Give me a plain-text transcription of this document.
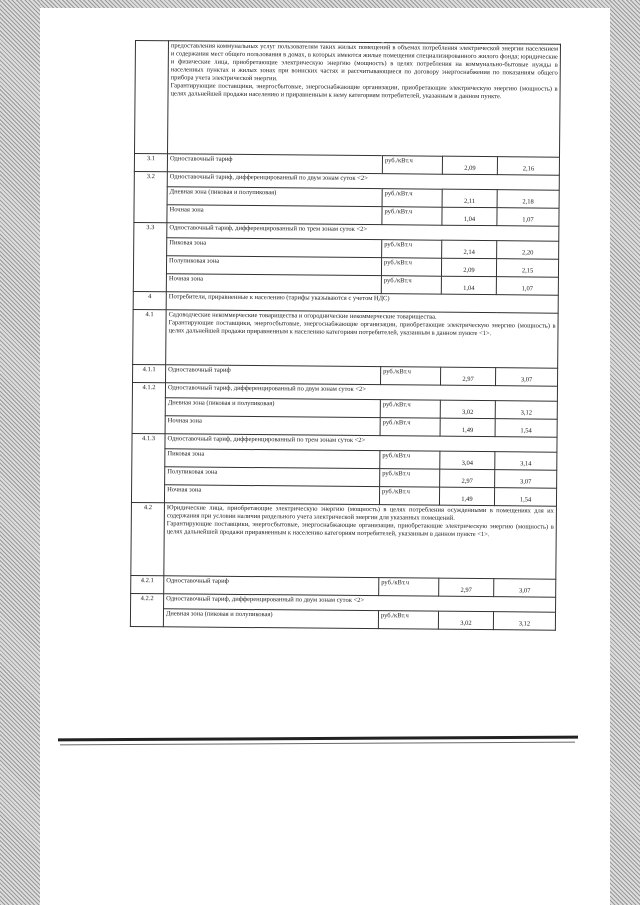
	предоставления коммунальных услуг пользователям таких жилых помещений в объемах потребления электрической энергии населением и содержания мест общего пользования в домах, в которых имеются жилые помещения специализированного жилого фонда; юридические и физические лица, приобретающие электрическую энергию (мощность) в целях потребления на коммунально-бытовые нужды в населенных пунктах и жилых зонах при воинских частях и рассчитывающиеся по договору энергоснабжения по показаниям общего прибора учета электрической энергии.
Гарантирующие поставщики, энергосбытовые, энергоснабжающие организации, приобретающие электрическую энергию (мощность) в целях дальнейшей продажи населению и приравненным к нему категориям потребителей, указанным в данном пункте.			

3.1	Одноставочный тариф	руб./кВт.ч	2,09	2,16
3.2	Одноставочный тариф, дифференцированный по двум зонам суток <2>			
	Дневная зона (пиковая и полупиковая)	руб./кВт.ч	2,11	2,18
	Ночная зона	руб./кВт.ч	1,04	1,07
3.3	Одноставочный тариф, дифференцированный по трем зонам суток <2>			
	Пиковая зона	руб./кВт.ч	2,14	2,20
	Полупиковая зона	руб./кВт.ч	2,09	2,15
	Ночная зона	руб./кВт.ч	1,04	1,07
4	Потребители, приравненные к населению (тарифы указываются с учетом НДС)			
4.1	Садоводческие некоммерческие товарищества и огороднические некоммерческие товарищества.
Гарантирующие поставщики, энергосбытовые, энергоснабжающие организации, приобретающие электрическую энергию (мощность) в целях дальнейшей продажи приравненным к населению категориям потребителей, указанным в данном пункте <1>.			

4.1.1	Одноставочный тариф	руб./кВт.ч	2,97	3,07
4.1.2	Одноставочный тариф, дифференцированный по двум зонам суток <2>			
	Дневная зона (пиковая и полупиковая)	руб./кВт.ч	3,02	3,12
	Ночная зона	руб./кВт.ч	1,49	1,54
4.1.3	Одноставочный тариф, дифференцированный по трем зонам суток <2>			
	Пиковая зона	руб./кВт.ч	3,04	3,14
	Полупиковая зона	руб./кВт.ч	2,97	3,07
	Ночная зона	руб./кВт.ч	1,49	1,54
4.2	Юридические лица, приобретающие электрическую энергию (мощность) в целях потребления осужденными в помещениях для их содержания при условии наличия раздельного учета электрической энергии для указанных помещений.
Гарантирующие поставщики, энергосбытовые, энергоснабжающие организации, приобретающие электрическую энергию (мощность) в целях дальнейшей продажи приравненным к населению категориям потребителей, указанным в данном пункте <1>.			

4.2.1	Одноставочный тариф	руб./кВт.ч	2,97	3,07
4.2.2	Одноставочный тариф, дифференцированный по двум зонам суток <2>			
	Дневная зона (пиковая и полупиковая)	руб./кВт.ч	3,02	3,12
